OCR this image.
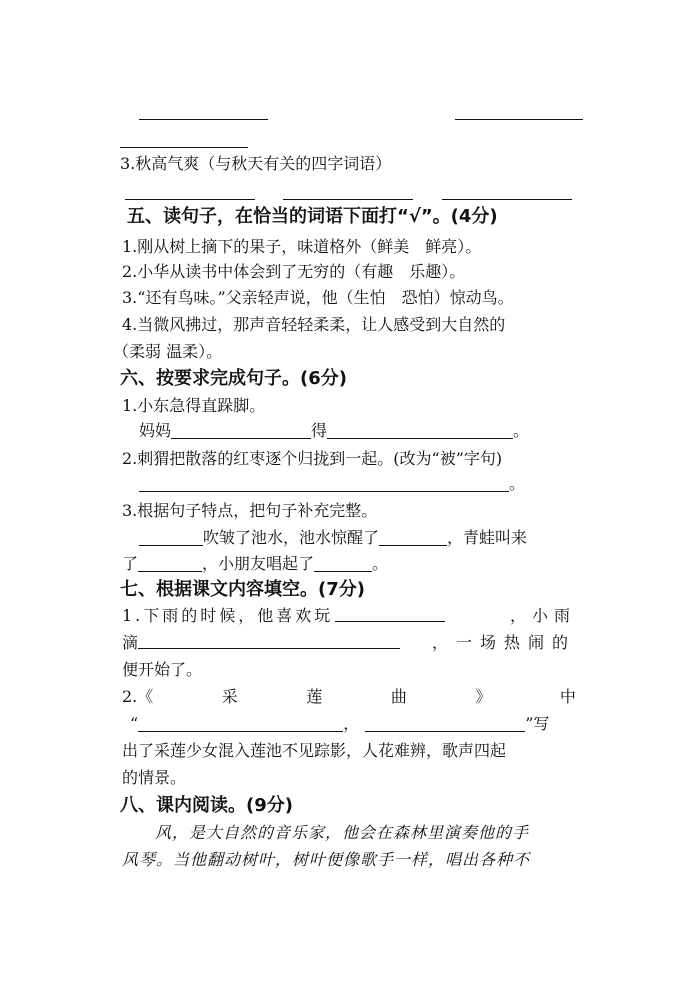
3.秋高气爽（与秋天有关的四字词语）
五、读句子，在恰当的词语下面打“√”。(4分)
1.刚从树上摘下的果子，味道格外（鲜美　鲜亮）。
2.小华从读书中体会到了无穷的（有趣　乐趣）。
3.“还有鸟味。”父亲轻声说，他（生怕　恐怕）惊动鸟。
4.当微风拂过，那声音轻轻柔柔，让人感受到大自然的
（柔弱 温柔）。
六、按要求完成句子。(6分)
1.小东急得直跺脚。
妈妈	得	。
2.刺猬把散落的红枣逐个归拢到一起。(改为“被”字句)
。
3.根据句子特点，把句子补充完整。
吹皱了池水，池水惊醒了	，青蛙叫来
了	，小朋友唱起了	。
七、根据课文内容填空。(7分)
1.下雨的时候，他喜欢玩	，小雨
滴	，一场热闹的
便开始了。
2.《	采	莲	曲	》	中
“	，	”写
出了采莲少女混入莲池不见踪影，人花难辨，歌声四起
的情景。
八、课内阅读。(9分)
风，是大自然的音乐家，他会在森林里演奏他的手
风琴。当他翻动树叶，树叶便像歌手一样，唱出各种不
